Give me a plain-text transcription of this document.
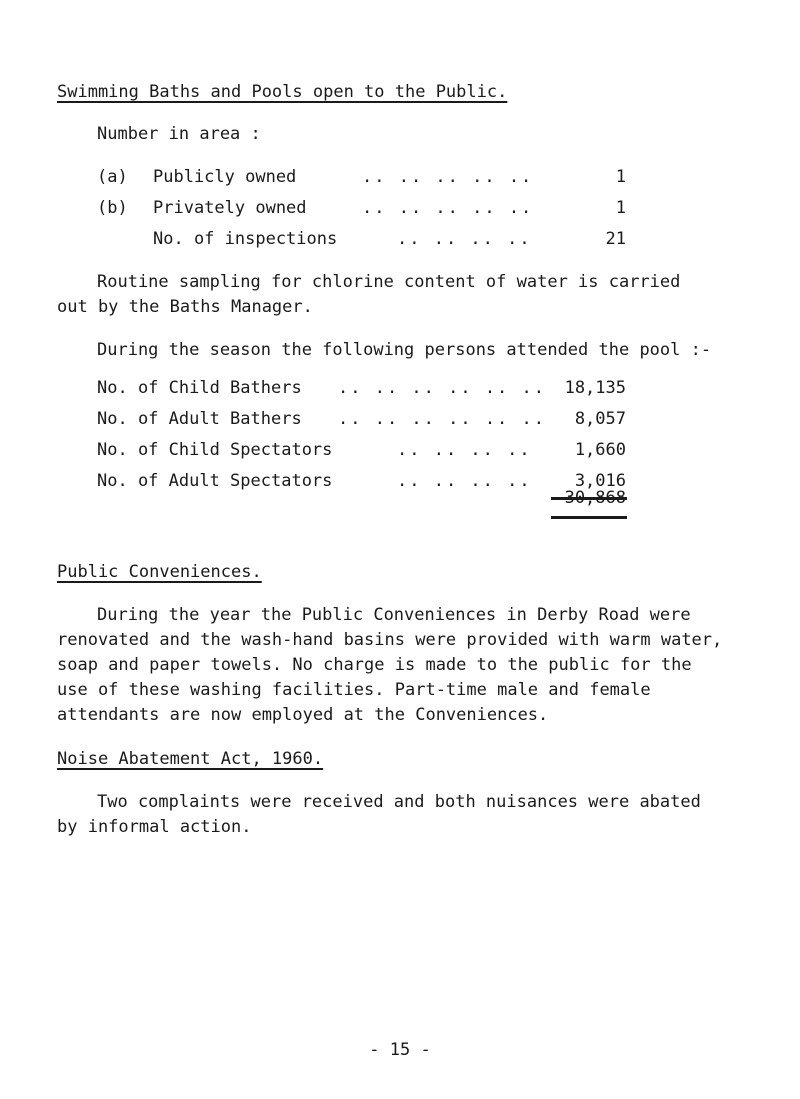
Swimming Baths and Pools open to the Public.
Number in area :
(a) Publicly owned	.. .. .. .. ..	1
(b) Privately owned	.. .. .. .. ..	1
No. of inspections	.. .. .. ..	21
Routine sampling for chlorine content of water is carried
out by the Baths Manager.
During the season the following persons attended the pool :-
No. of Child Bathers .. .. .. .. .. .. 18,135
No. of Adult Bathers .. .. .. .. .. .. 8,057
No. of Child Spectators	.. .. .. ..	1,660
No. of Adult Spectators	.. .. .. ..	3,016
30,868
Public Conveniences.
During the year the Public Conveniences in Derby Road were
renovated and the wash-hand basins were provided with warm water,
soap and paper towels. No charge is made to the public for the
use of these washing facilities. Part-time male and female
attendants are now employed at the Conveniences.
Noise Abatement Act, 1960.
Two complaints were received and both nuisances were abated
by informal action.
- 15 -
